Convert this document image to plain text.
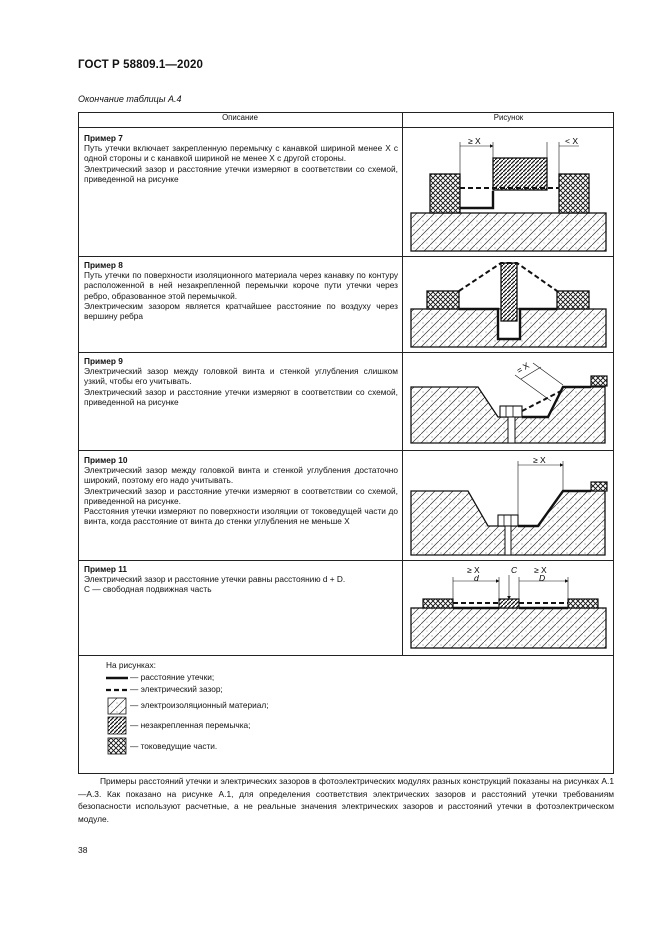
ГОСТ Р 58809.1—2020
Окончание таблицы А.4
Описание	Рисунок

Пример 7

Путь утечки включает закрепленную перемычку с канавкой шириной менее X с одной стороны и с канавкой шириной не менее X с другой стороны.

Электрический зазор и расстояние утечки измеряют в соответствии со схемой, приведенной на рисунке

≥ X	< X

Пример 8

Путь утечки по поверхности изоляционного материала через канавку по контуру расположенной в ней незакрепленной перемычки короче пути утечки через ребро, образованное этой перемычкой.

Электрическим зазором является кратчайшее расстояние по воздуху через вершину ребра

Пример 9

Электрический зазор между головкой винта и стенкой углубления слишком узкий, чтобы его учитывать.

Электрический зазор и расстояние утечки измеряют в соответствии со схемой, приведенной на рисунке

= X

Пример 10

Электрический зазор между головкой винта и стенкой углубления достаточно широкий, поэтому его надо учитывать.

Электрический зазор и расстояние утечки измеряют в соответствии со схемой, приведенной на рисунке.

Расстояния утечки измеряют по поверхности изоляции от токоведущей части до винта, когда расстояние от винта до стенки углубления не меньше X

≥ X

Пример 11

Электрический зазор и расстояние утечки равны расстоянию d + D.

C — свободная подвижная часть

≥ X
d
C ≥ X
D
На рисунках:
— расстояние утечки;
— электрический зазор;
— электроизоляционный материал;
— незакрепленная перемычка;
— токоведущие части.

Примеры расстояний утечки и электрических зазоров в фотоэлектрических модулях разных конструкций показаны на рисунках А.1—А.3. Как показано на рисунке А.1, для определения соответствия электрических зазоров и расстояний утечки требованиям безопасности используют расчетные, а не реальные значения электрических зазоров и расстояний утечки в фотоэлектрическом модуле.

38
